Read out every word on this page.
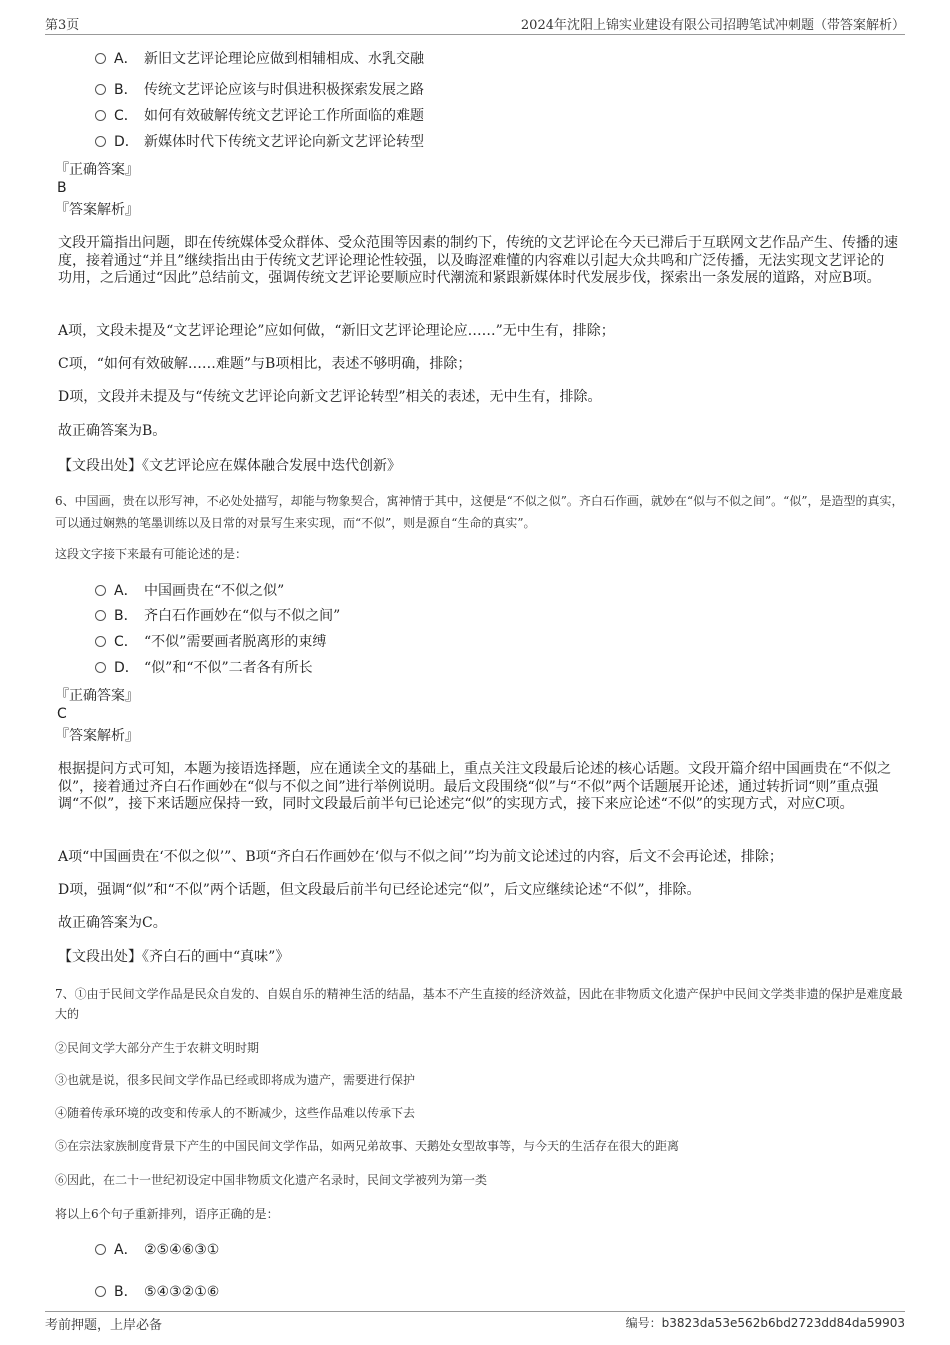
第3页	2024年沈阳上锦实业建设有限公司招聘笔试冲刺题（带答案解析）
A． 新旧文艺评论理论应做到相辅相成、水乳交融
B． 传统文艺评论应该与时俱进积极探索发展之路
C． 如何有效破解传统文艺评论工作所面临的难题
D． 新媒体时代下传统文艺评论向新文艺评论转型
『正确答案』
B
『答案解析』
文段开篇指出问题，即在传统媒体受众群体、受众范围等因素的制约下，传统的文艺评论在今天已滞后于互联网文艺作品产生、传播的速度，接着通过“并且”继续指出由于传统文艺评论理论性较强，以及晦涩难懂的内容难以引起大众共鸣和广泛传播，无法实现文艺评论的功用，之后通过“因此”总结前文，强调传统文艺评论要顺应时代潮流和紧跟新媒体时代发展步伐，探索出一条发展的道路，对应B项。
A项，文段未提及“文艺评论理论”应如何做，“新旧文艺评论理论应……”无中生有，排除；
C项，“如何有效破解……难题”与B项相比，表述不够明确，排除；
D项，文段并未提及与“传统文艺评论向新文艺评论转型”相关的表述，无中生有，排除。
故正确答案为B。
【文段出处】《文艺评论应在媒体融合发展中迭代创新》
6、中国画，贵在以形写神，不必处处描写，却能与物象契合，寓神情于其中，这便是“不似之似”。齐白石作画，就妙在“似与不似之间”。“似”，是造型的真实，可以通过娴熟的笔墨训练以及日常的对景写生来实现，而“不似”，则是源自“生命的真实”。
这段文字接下来最有可能论述的是：
A． 中国画贵在“不似之似”
B． 齐白石作画妙在“似与不似之间”
C． “不似”需要画者脱离形的束缚
D． “似”和“不似”二者各有所长
『正确答案』
C
『答案解析』
根据提问方式可知，本题为接语选择题，应在通读全文的基础上，重点关注文段最后论述的核心话题。文段开篇介绍中国画贵在“不似之似”，接着通过齐白石作画妙在“似与不似之间”进行举例说明。最后文段围绕“似”与“不似”两个话题展开论述，通过转折词“则”重点强调“不似”，接下来话题应保持一致，同时文段最后前半句已论述完“似”的实现方式，接下来应论述“不似”的实现方式，对应C项。
A项“中国画贵在‘不似之似’”、B项“齐白石作画妙在‘似与不似之间’”均为前文论述过的内容，后文不会再论述，排除；
D项，强调“似”和“不似”两个话题，但文段最后前半句已经论述完“似”，后文应继续论述“不似”，排除。
故正确答案为C。
【文段出处】《齐白石的画中“真味”》
7、①由于民间文学作品是民众自发的、自娱自乐的精神生活的结晶，基本不产生直接的经济效益，因此在非物质文化遗产保护中民间文学类非遗的保护是难度最大的
②民间文学大部分产生于农耕文明时期
③也就是说，很多民间文学作品已经或即将成为遗产，需要进行保护
④随着传承环境的改变和传承人的不断减少，这些作品难以传承下去
⑤在宗法家族制度背景下产生的中国民间文学作品，如两兄弟故事、天鹅处女型故事等，与今天的生活存在很大的距离
⑥因此，在二十一世纪初设定中国非物质文化遗产名录时，民间文学被列为第一类
将以上6个句子重新排列，语序正确的是：
A． ②⑤④⑥③①
B． ⑤④③②①⑥
考前押题，上岸必备	编号：b3823da53e562b6bd2723dd84da59903
